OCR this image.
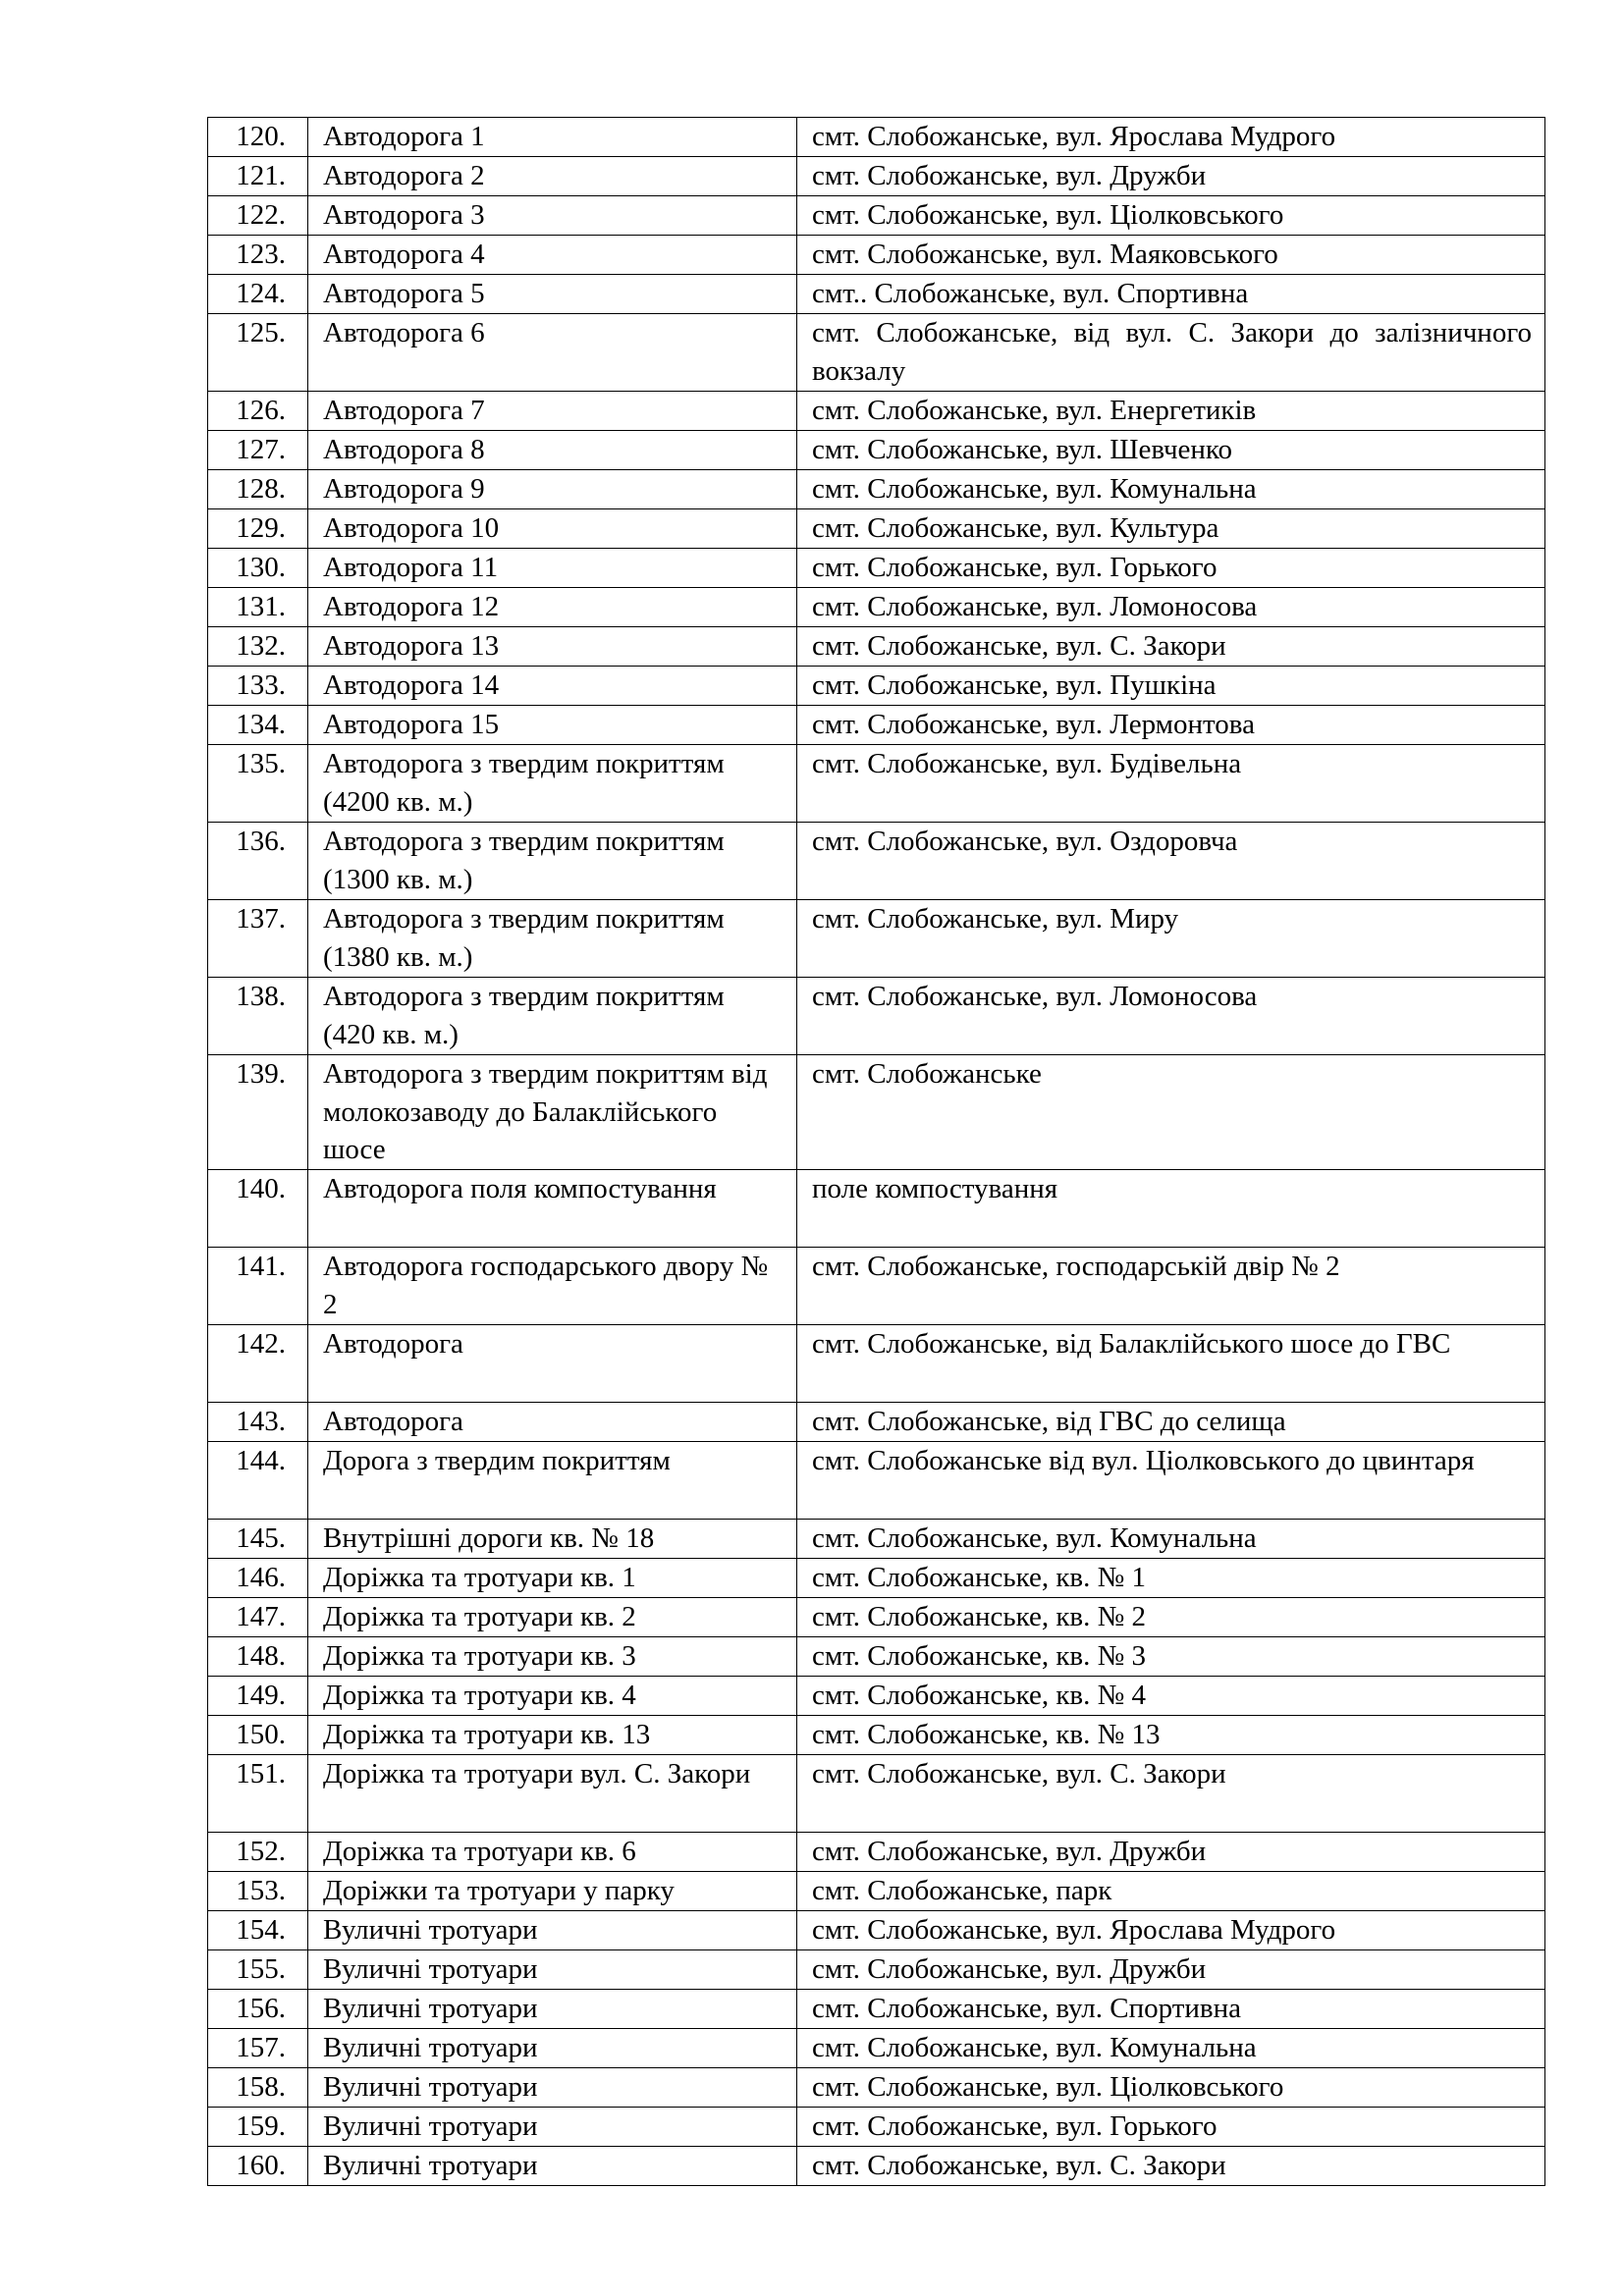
120.	Автодорога 1	смт. Слобожанське, вул. Ярослава Мудрого
121.	Автодорога 2	смт. Слобожанське, вул. Дружби
122.	Автодорога 3	смт. Слобожанське, вул. Ціолковського
123.	Автодорога 4	смт. Слобожанське, вул. Маяковського
124.	Автодорога 5	смт.. Слобожанське, вул. Спортивна
125.	Автодорога 6	смт. Слобожанське, від вул. С. Закори до залізничного вокзалу
126.	Автодорога 7	смт. Слобожанське, вул. Енергетиків
127.	Автодорога 8	смт. Слобожанське, вул. Шевченко
128.	Автодорога 9	смт. Слобожанське, вул. Комунальна
129.	Автодорога 10	смт. Слобожанське, вул. Культура
130.	Автодорога 11	смт. Слобожанське, вул. Горького
131.	Автодорога 12	смт. Слобожанське, вул. Ломоносова
132.	Автодорога 13	смт. Слобожанське, вул. С. Закори
133.	Автодорога 14	смт. Слобожанське, вул. Пушкіна
134.	Автодорога 15	смт. Слобожанське, вул. Лермонтова
135.	Автодорога з твердим покриттям (4200 кв. м.)	смт. Слобожанське, вул. Будівельна
136.	Автодорога з твердим покриттям (1300 кв. м.)	смт. Слобожанське, вул. Оздоровча
137.	Автодорога з твердим покриттям (1380 кв. м.)	смт. Слобожанське, вул. Миру
138.	Автодорога з твердим покриттям (420 кв. м.)	смт. Слобожанське, вул. Ломоносова
139.	Автодорога з твердим покриттям від молокозаводу до Балаклійського шосе	смт. Слобожанське
140.	Автодорога поля компостування	поле компостування
141.	Автодорога господарського двору № 2	смт. Слобожанське, господарській двір № 2
142.	Автодорога	смт. Слобожанське, від Балаклійського шосе до ГВС
143.	Автодорога	смт. Слобожанське, від ГВС до селища
144.	Дорога з твердим покриттям	смт. Слобожанське від вул. Ціолковського до цвинтаря
145.	Внутрішні дороги кв. № 18	смт. Слобожанське, вул. Комунальна
146.	Доріжка та тротуари кв. 1	смт. Слобожанське, кв. № 1
147.	Доріжка та тротуари кв. 2	смт. Слобожанське, кв. № 2
148.	Доріжка та тротуари кв. 3	смт. Слобожанське, кв. № 3
149.	Доріжка та тротуари кв. 4	смт. Слобожанське, кв. № 4
150.	Доріжка та тротуари кв. 13	смт. Слобожанське, кв. № 13
151.	Доріжка та тротуари вул. С. Закори	смт. Слобожанське, вул. С. Закори
152.	Доріжка та тротуари кв. 6	смт. Слобожанське, вул. Дружби
153.	Доріжки та тротуари у парку	смт. Слобожанське, парк
154.	Вуличні тротуари	смт. Слобожанське, вул. Ярослава Мудрого
155.	Вуличні тротуари	смт. Слобожанське, вул. Дружби
156.	Вуличні тротуари	смт. Слобожанське, вул. Спортивна
157.	Вуличні тротуари	смт. Слобожанське, вул. Комунальна
158.	Вуличні тротуари	смт. Слобожанське, вул. Ціолковського
159.	Вуличні тротуари	смт. Слобожанське, вул. Горького
160.	Вуличні тротуари	смт. Слобожанське, вул. С. Закори
